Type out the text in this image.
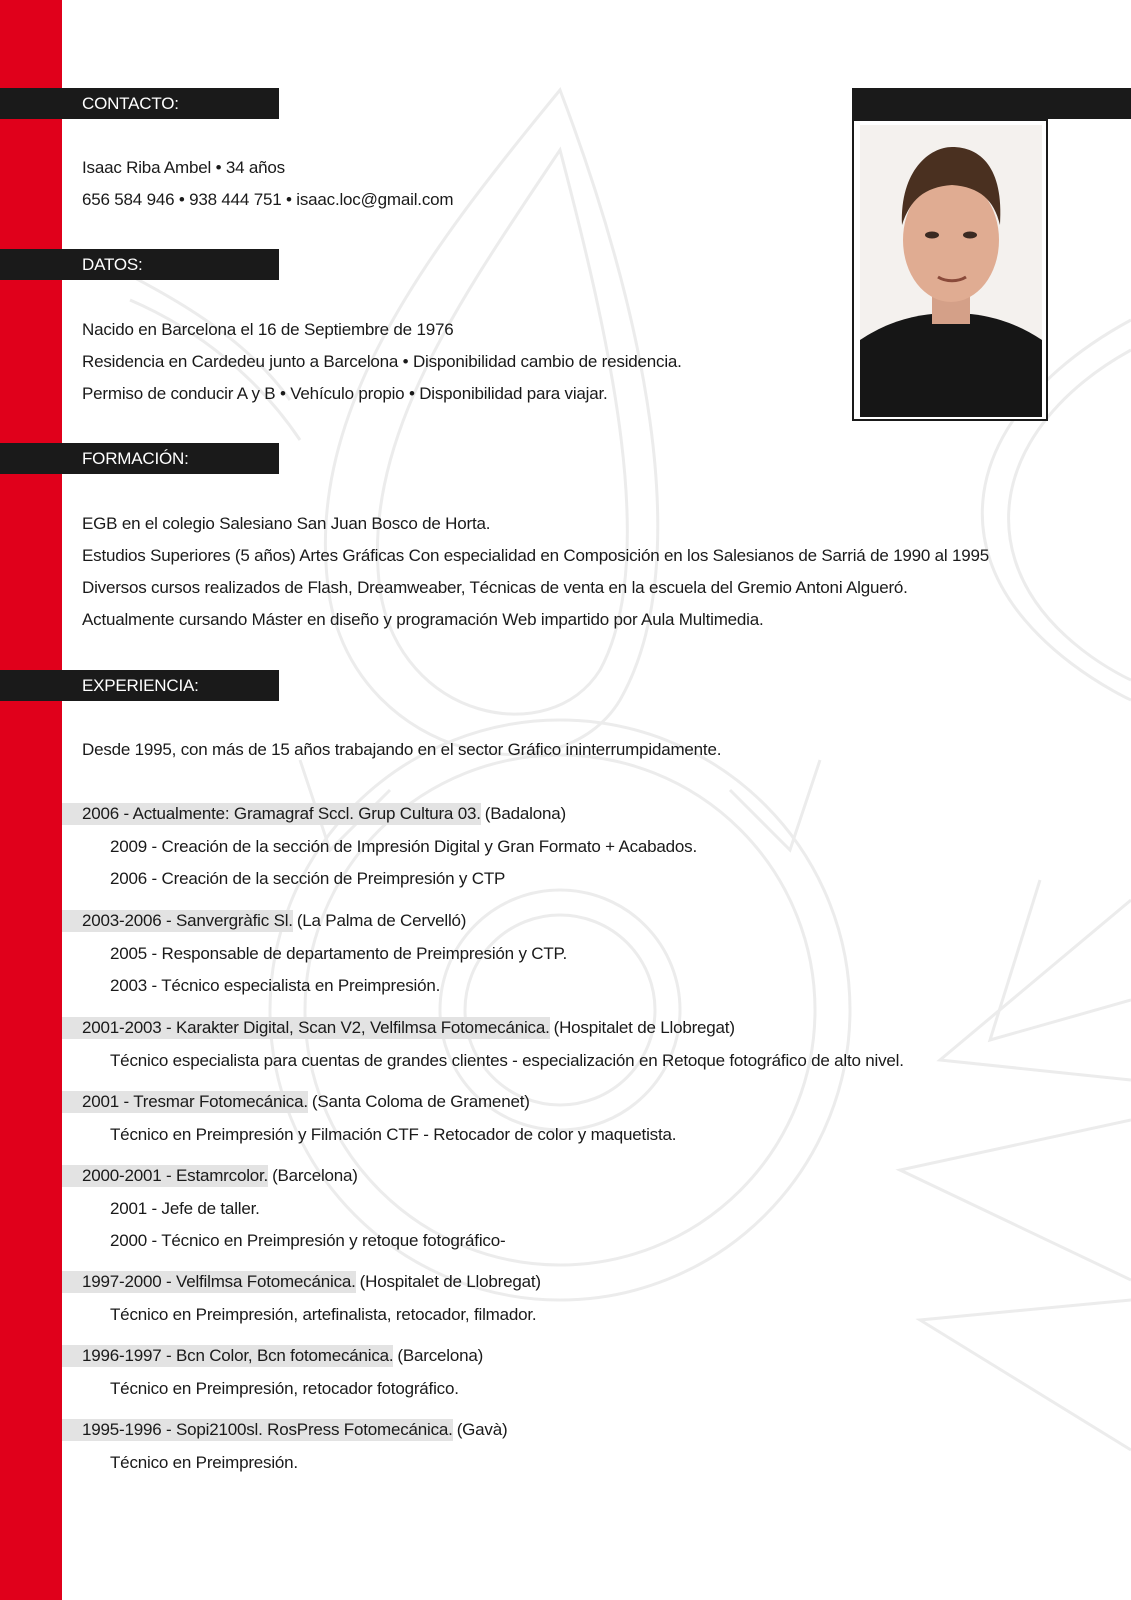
CONTACTO:
Isaac Riba Ambel • 34 años
656 584 946 • 938 444 751 • isaac.loc@gmail.com
DATOS:
Nacido en Barcelona el 16 de Septiembre de 1976
Residencia en Cardedeu junto a Barcelona • Disponibilidad cambio de residencia.
Permiso de conducir A y B • Vehículo propio • Disponibilidad para viajar.
FORMACIÓN:
EGB en el colegio Salesiano San Juan Bosco de Horta.
Estudios Superiores (5 años) Artes Gráficas Con especialidad en Composición en los Salesianos de Sarriá de 1990 al 1995
Diversos cursos realizados de Flash, Dreamweaber, Técnicas de venta en la escuela del Gremio Antoni Algueró.
Actualmente cursando Máster en diseño y programación Web impartido por Aula Multimedia.
EXPERIENCIA:
Desde 1995, con más de 15 años trabajando en el sector Gráfico ininterrumpidamente.
2006 - Actualmente: Gramagraf Sccl. Grup Cultura 03. (Badalona)
2009 - Creación de la sección de Impresión Digital y Gran Formato + Acabados.
2006 - Creación de la sección de Preimpresión y CTP
2003-2006 - Sanvergràfic Sl. (La Palma de Cervelló)
2005 - Responsable de departamento de Preimpresión y CTP.
2003 - Técnico especialista en Preimpresión.
2001-2003 - Karakter Digital, Scan V2, Velfilmsa Fotomecánica. (Hospitalet de Llobregat)
Técnico especialista para cuentas de grandes clientes - especialización en Retoque fotográfico de alto nivel.
2001 - Tresmar Fotomecánica. (Santa Coloma de Gramenet)
Técnico en Preimpresión y Filmación CTF - Retocador de color y maquetista.
2000-2001 - Estamrcolor. (Barcelona)
2001 - Jefe de taller.
2000 - Técnico en Preimpresión y retoque fotográfico-
1997-2000 - Velfilmsa Fotomecánica. (Hospitalet de Llobregat)
Técnico en Preimpresión, artefinalista, retocador, filmador.
1996-1997 - Bcn Color, Bcn fotomecánica. (Barcelona)
Técnico en Preimpresión, retocador fotográfico.
1995-1996 - Sopi2100sl. RosPress Fotomecánica. (Gavà)
Técnico en Preimpresión.
